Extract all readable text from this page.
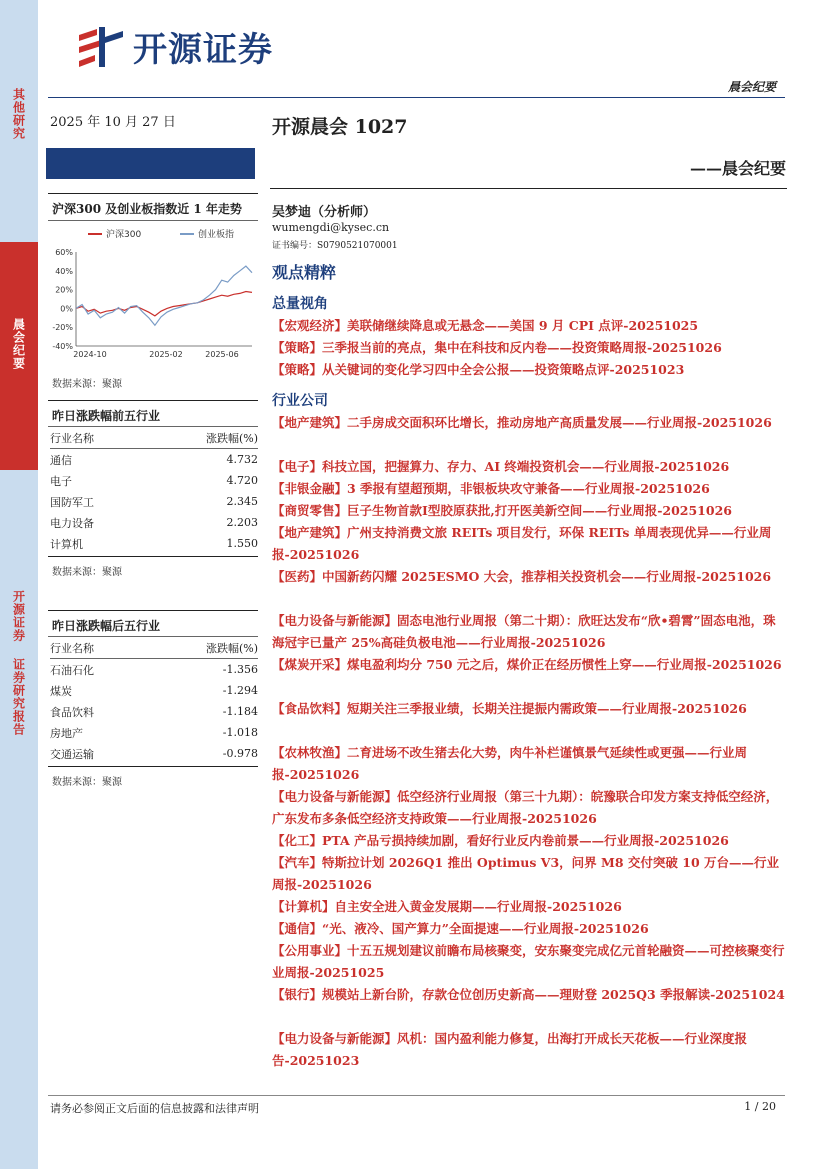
其他研究
晨会纪要
开源证券
证券研究报告
开源证券
晨会纪要
2025 年 10 月 27 日
沪深300 及创业板指数近 1 年走势
沪深300	创业板指
60%
40%
20%
0%
-20%
-40%
2024-10	2025-02	2025-06
数据来源：聚源
昨日涨跌幅前五行业
行业名称	涨跌幅(%)

通信	4.732
电子	4.720
国防军工	2.345
电力设备	2.203
计算机	1.550
数据来源：聚源
昨日涨跌幅后五行业
行业名称	涨跌幅(%)

石油石化	-1.356
煤炭	-1.294
食品饮料	-1.184
房地产	-1.018
交通运输	-0.978
数据来源：聚源
开源晨会 1027
——晨会纪要
吴梦迪（分析师）
wumengdi@kysec.cn
证书编号：S0790521070001
观点精粹
总量视角
【宏观经济】美联储继续降息或无悬念——美国 9 月 CPI 点评-20251025
【策略】三季报当前的亮点，集中在科技和反内卷——投资策略周报-20251026
【策略】从关键词的变化学习四中全会公报——投资策略点评-20251023
行业公司
【地产建筑】二手房成交面积环比增长，推动房地产高质量发展——行业周报-20251026
【电子】科技立国，把握算力、存力、AI 终端投资机会——行业周报-20251026
【非银金融】3 季报有望超预期，非银板块攻守兼备——行业周报-20251026
【商贸零售】巨子生物首款Ⅰ型胶原获批,打开医美新空间——行业周报-20251026
【地产建筑】广州支持消费文旅 REITs 项目发行，环保 REITs 单周表现优异——行业周报-20251026
【医药】中国新药闪耀 2025ESMO 大会，推荐相关投资机会——行业周报-20251026
【电力设备与新能源】固态电池行业周报（第二十期）：欣旺达发布“欣•碧霄”固态电池，珠海冠宇已量产 25%高硅负极电池——行业周报-20251026
【煤炭开采】煤电盈利均分 750 元之后，煤价正在经历惯性上穿——行业周报-20251026
【食品饮料】短期关注三季报业绩，长期关注提振内需政策——行业周报-20251026
【农林牧渔】二育进场不改生猪去化大势，肉牛补栏谨慎景气延续性或更强——行业周报-20251026
【电力设备与新能源】低空经济行业周报（第三十九期）：皖豫联合印发方案支持低空经济，广东发布多条低空经济支持政策——行业周报-20251026
【化工】PTA 产品亏损持续加剧，看好行业反内卷前景——行业周报-20251026
【汽车】特斯拉计划 2026Q1 推出 Optimus V3，问界 M8 交付突破 10 万台——行业周报-20251026
【计算机】自主安全进入黄金发展期——行业周报-20251026
【通信】“光、液冷、国产算力”全面提速——行业周报-20251026
【公用事业】十五五规划建议前瞻布局核聚变，安东聚变完成亿元首轮融资——可控核聚变行业周报-20251025
【银行】规模站上新台阶，存款仓位创历史新高——理财登 2025Q3 季报解读-20251024
【电力设备与新能源】风机：国内盈利能力修复，出海打开成长天花板——行业深度报告-20251023
请务必参阅正文后面的信息披露和法律声明	1 / 20
